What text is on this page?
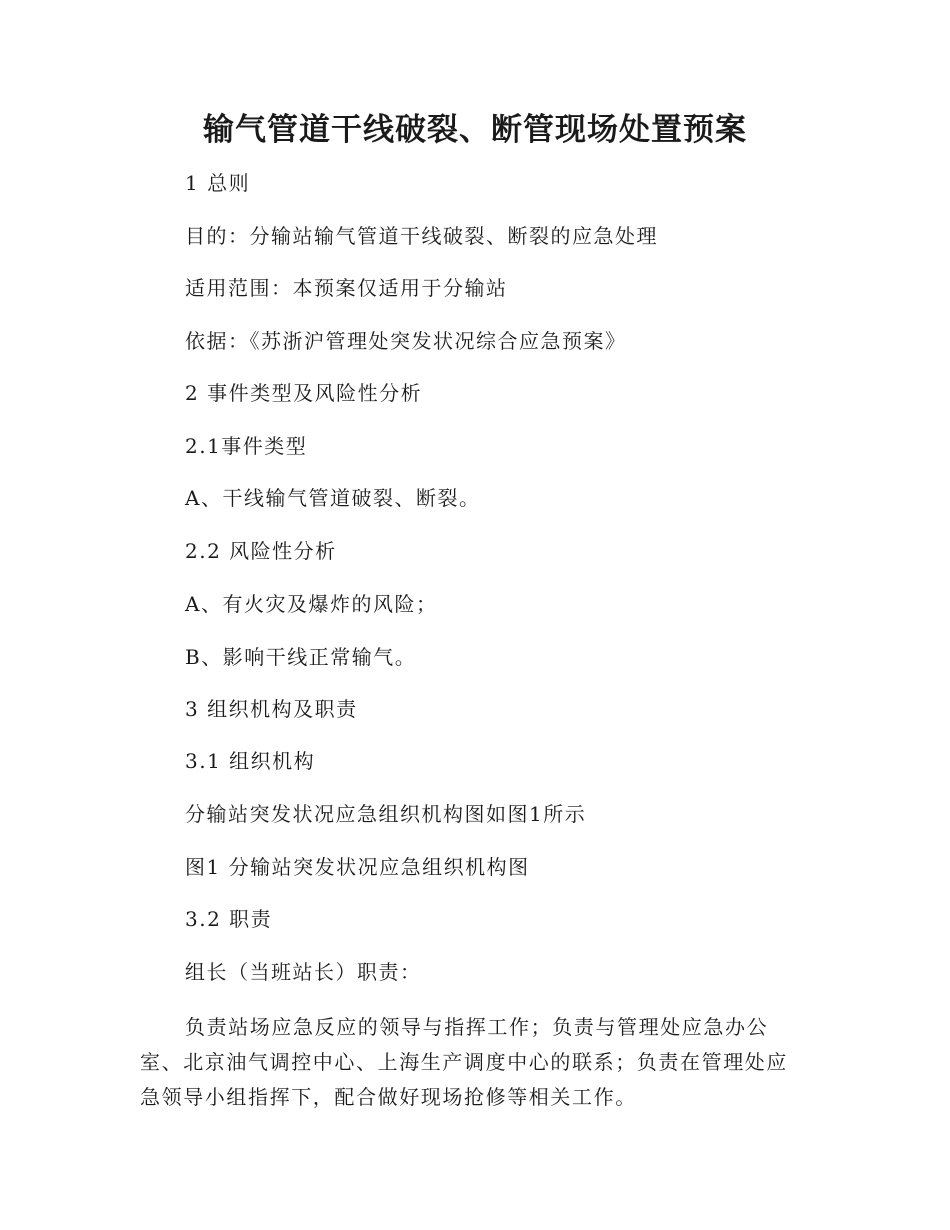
输气管道干线破裂、断管现场处置预案

1 总则

目的：分输站输气管道干线破裂、断裂的应急处理

适用范围：本预案仅适用于分输站

依据：《苏浙沪管理处突发状况综合应急预案》

2 事件类型及风险性分析

2.1事件类型

A、干线输气管道破裂、断裂。

2.2 风险性分析

A、有火灾及爆炸的风险；

B、影响干线正常输气。

3 组织机构及职责

3.1 组织机构

分输站突发状况应急组织机构图如图1所示

图1 分输站突发状况应急组织机构图

3.2 职责

组长（当班站长）职责：

负责站场应急反应的领导与指挥工作；负责与管理处应急办公室、北京油气调控中心、上海生产调度中心的联系；负责在管理处应急领导小组指挥下，配合做好现场抢修等相关工作。
